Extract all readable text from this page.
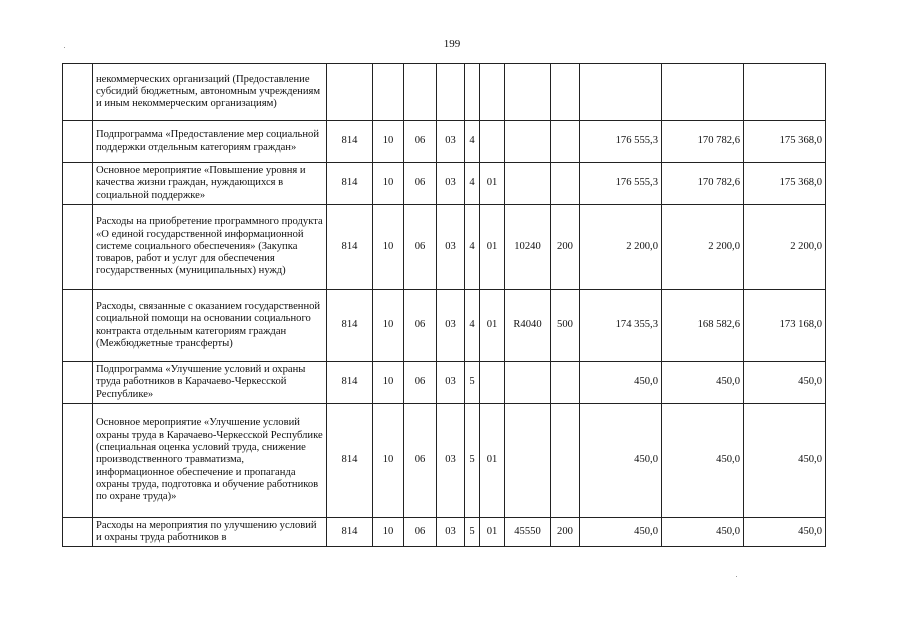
199
	некоммерческих организаций (Предоставление субсидий бюджетным, автономным учреждениям и иным некоммерческим организациям)											
	Подпрограмма «Предоставление мер социальной поддержки отдельным категориям граждан»	814	10	06	03	4				176 555,3	170 782,6	175 368,0
	Основное мероприятие «Повышение уровня и качества жизни граждан, нуждающихся в социальной поддержке»	814	10	06	03	4	01			176 555,3	170 782,6	175 368,0
	Расходы на приобретение программного продукта «О единой государственной информационной системе социального обеспечения» (Закупка товаров, работ и услуг для обеспечения государственных (муниципальных) нужд)	814	10	06	03	4	01	10240	200	2 200,0	2 200,0	2 200,0
	Расходы, связанные с оказанием государственной социальной помощи на основании социального контракта отдельным категориям граждан (Межбюджетные трансферты)	814	10	06	03	4	01	R4040	500	174 355,3	168 582,6	173 168,0
	Подпрограмма «Улучшение условий и охраны труда работников в Карачаево-Черкесской Республике»	814	10	06	03	5				450,0	450,0	450,0
	Основное мероприятие «Улучшение условий охраны труда в Карачаево-Черкесской Республике (специальная оценка условий труда, снижение производственного травматизма, информационное обеспечение и пропаганда охраны труда, подготовка и обучение работников по охране труда)»	814	10	06	03	5	01			450,0	450,0	450,0
	Расходы на мероприятия по улучшению условий и охраны труда работников в	814	10	06	03	5	01	45550	200	450,0	450,0	450,0
